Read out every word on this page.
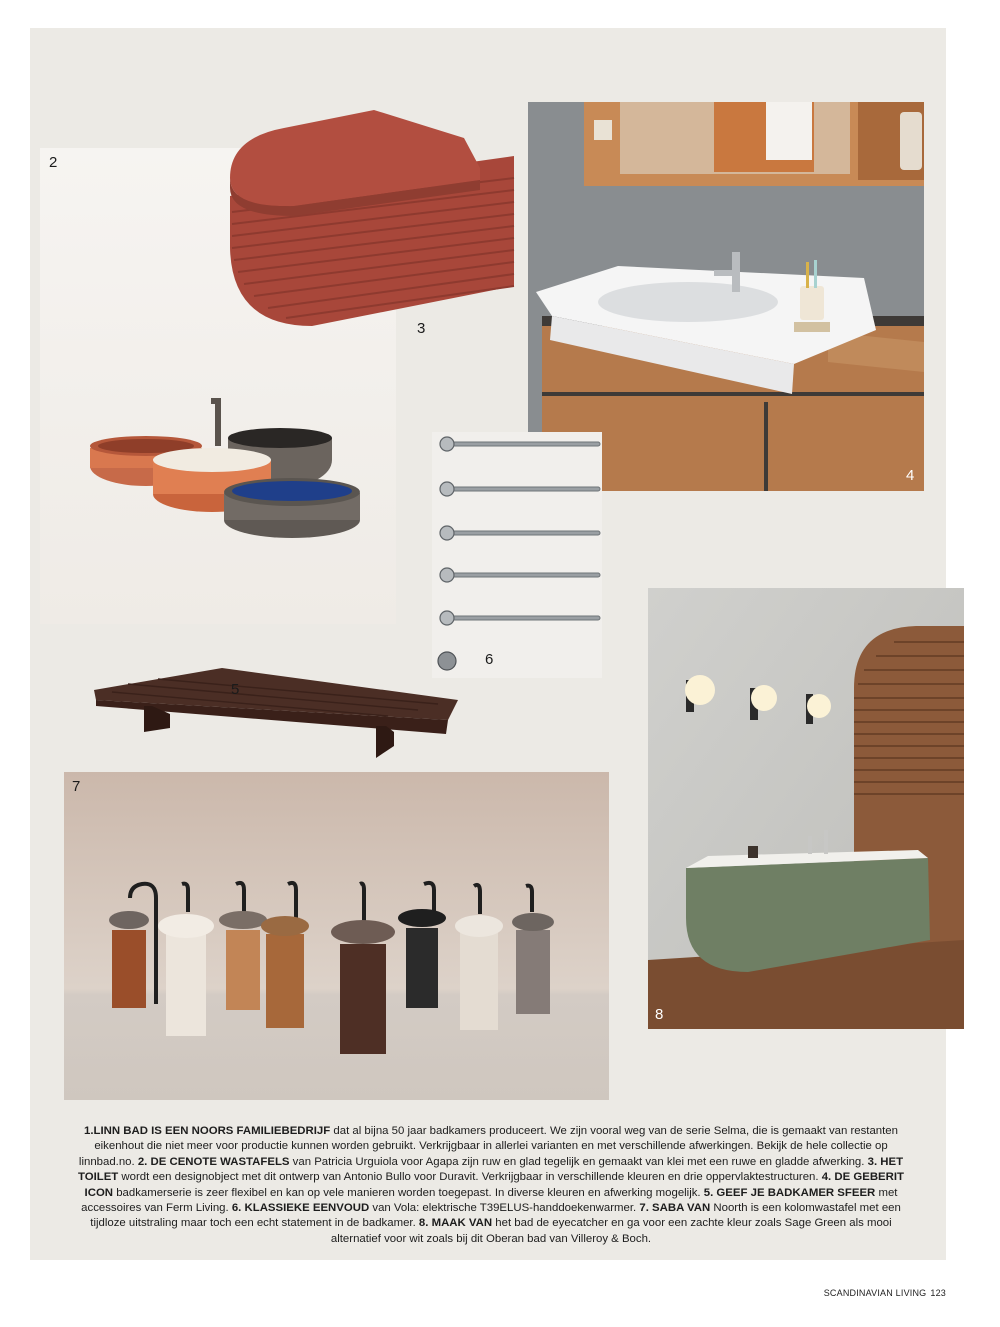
2
3
4
6
5
7
8
1.LINN BAD IS EEN NOORS FAMILIEBEDRIJF dat al bijna 50 jaar badkamers produceert. We zijn vooral weg van de serie Selma, die is gemaakt van restanten eikenhout die niet meer voor productie kunnen worden gebruikt. Verkrijgbaar in allerlei varianten en met verschillende afwerkingen. Bekijk de hele collectie op linnbad.no. 2. DE CENOTE WASTAFELS van Patricia Urguiola voor Agapa zijn ruw en glad tegelijk en gemaakt van klei met een ruwe en gladde afwerking. 3. HET TOILET wordt een designobject met dit ontwerp van Antonio Bullo voor Duravit. Verkrijgbaar in verschillende kleuren en drie oppervlaktestructuren. 4. DE GEBERIT ICON badkamerserie is zeer flexibel en kan op vele manieren worden toegepast. In diverse kleuren en afwerking mogelijk. 5. GEEF JE BADKAMER SFEER met accessoires van Ferm Living. 6. KLASSIEKE EENVOUD van Vola: elektrische T39ELUS-handdoekenwarmer. 7. SABA VAN Noorth is een kolomwastafel met een tijdloze uitstraling maar toch een echt statement in de badkamer. 8. MAAK VAN het bad de eyecatcher en ga voor een zachte kleur zoals Sage Green als mooi alternatief voor wit zoals bij dit Oberan bad van Villeroy & Boch.
SCANDINAVIAN LIVING 123
